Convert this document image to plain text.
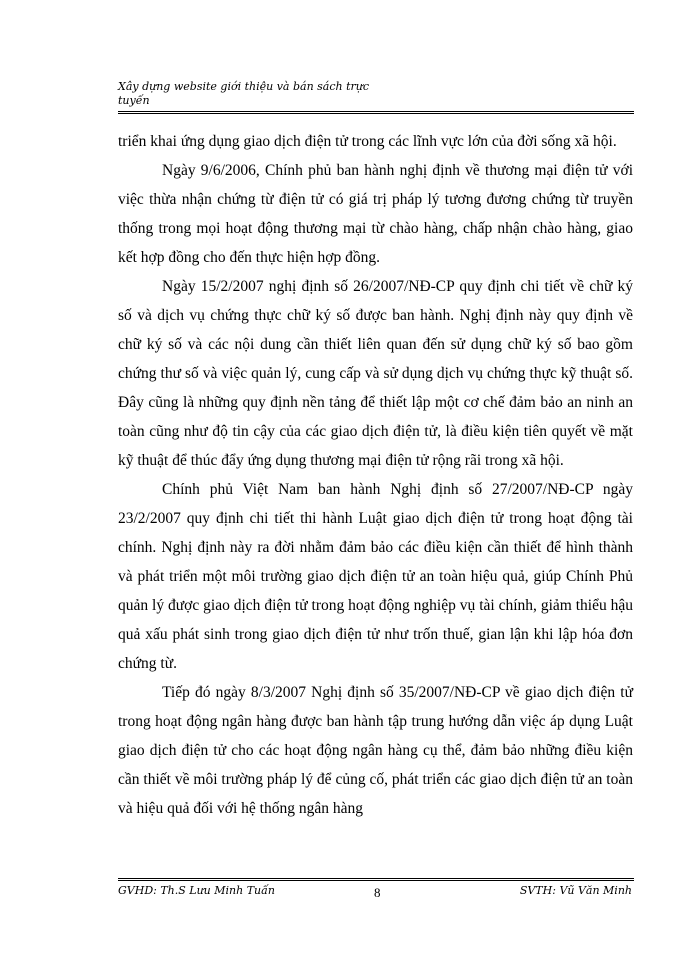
Xây dựng website giới thiệu và bán sách trực
tuyến

triển khai ứng dụng giao dịch điện tử trong các lĩnh vực lớn của đời sống xã hội.

Ngày 9/6/2006, Chính phủ ban hành nghị định về thương mại điện tử với việc thừa nhận chứng từ điện tử có giá trị pháp lý tương đương chứng từ truyền thống trong mọi hoạt động thương mại từ chào hàng, chấp nhận chào hàng, giao kết hợp đồng cho đến thực hiện hợp đồng.

Ngày 15/2/2007 nghị định số 26/2007/NĐ-CP quy định chi tiết về chữ ký số và dịch vụ chứng thực chữ ký số được ban hành. Nghị định này quy định về chữ ký số và các nội dung cần thiết liên quan đến sử dụng chữ ký số bao gồm chứng thư số và việc quản lý, cung cấp và sử dụng dịch vụ chứng thực kỹ thuật số. Đây cũng là những quy định nền tảng để thiết lập một cơ chế đảm bảo an ninh an toàn cũng như độ tin cậy của các giao dịch điện tử, là điều kiện tiên quyết về mặt kỹ thuật để thúc đẩy ứng dụng thương mại điện tử rộng rãi trong xã hội.

Chính phủ Việt Nam ban hành Nghị định số 27/2007/NĐ-CP ngày 23/2/2007 quy định chi tiết thi hành Luật giao dịch điện tử trong hoạt động tài chính. Nghị định này ra đời nhằm đảm bảo các điều kiện cần thiết để hình thành và phát triển một môi trường giao dịch điện tử an toàn hiệu quả, giúp Chính Phủ quản lý được giao dịch điện tử trong hoạt động nghiệp vụ tài chính, giảm thiểu hậu quả xấu phát sinh trong giao dịch điện tử như trốn thuế, gian lận khi lập hóa đơn chứng từ.

Tiếp đó ngày 8/3/2007 Nghị định số 35/2007/NĐ-CP về giao dịch điện tử trong hoạt động ngân hàng được ban hành tập trung hướng dẫn việc áp dụng Luật giao dịch điện tử cho các hoạt động ngân hàng cụ thể, đảm bảo những điều kiện cần thiết về môi trường pháp lý để củng cố, phát triển các giao dịch điện tử an toàn và hiệu quả đối với hệ thống ngân hàng

GVHD: Th.S Lưu Minh Tuấn	8	SVTH: Vũ Văn Minh
